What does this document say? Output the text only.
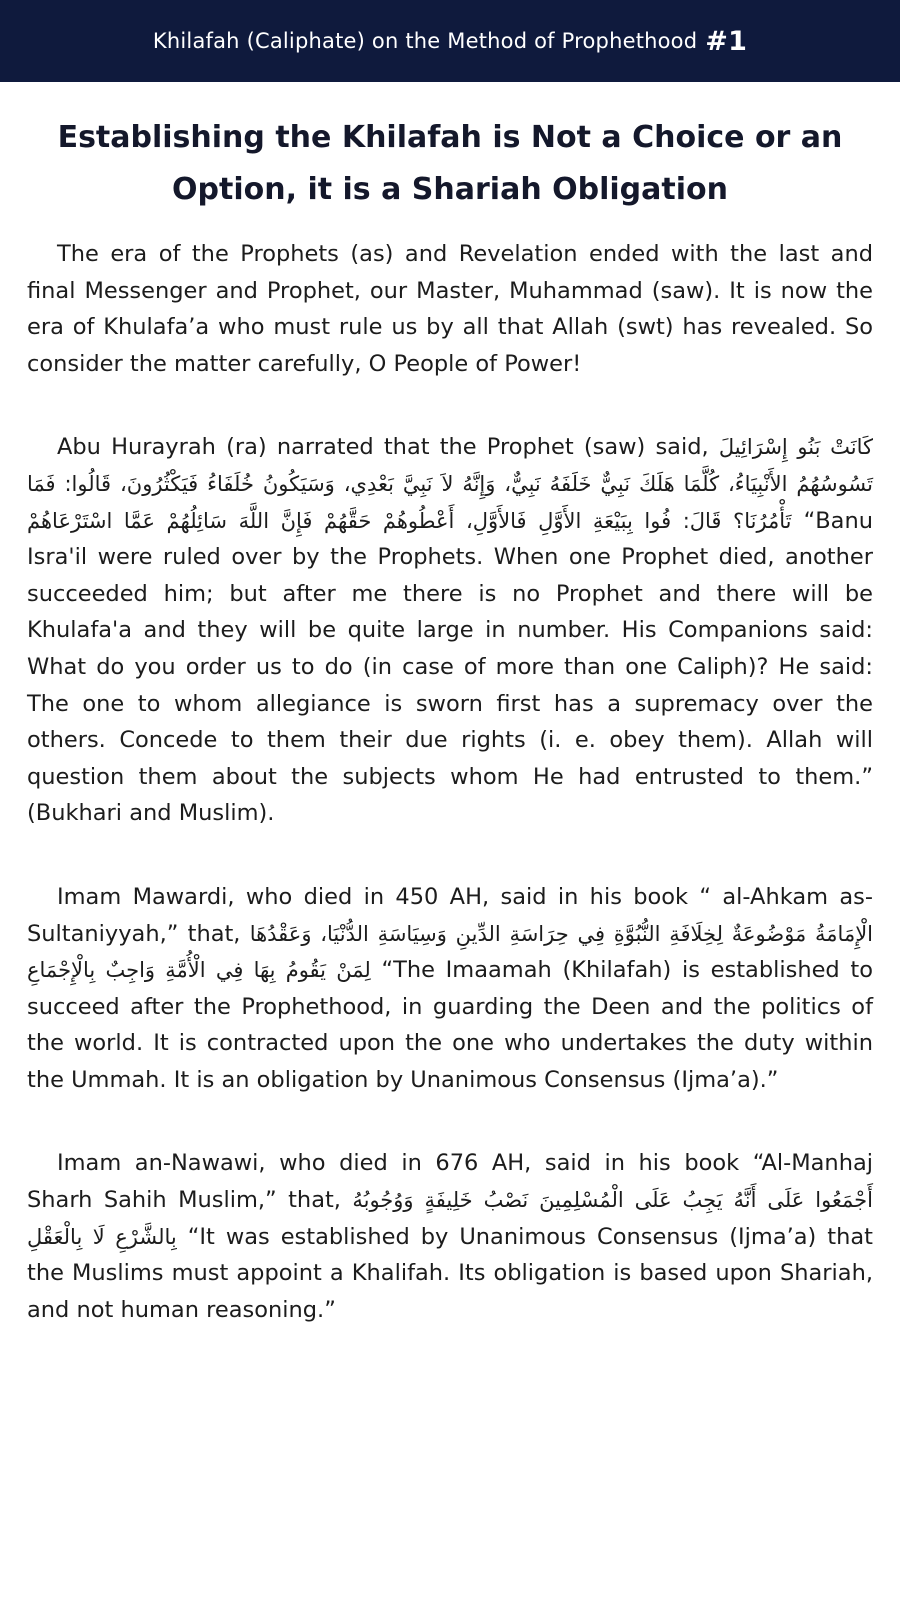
Khilafah (Caliphate) on the Method of Prophethood #1
Establishing the Khilafah is Not a Choice or an Option, it is a Shariah Obligation

The era of the Prophets (as) and Revelation ended with the last and final Messenger and Prophet, our Master, Muhammad (saw). It is now the era of Khulafa’a who must rule us by all that Allah (swt) has revealed. So consider the matter carefully, O People of Power!

Abu Hurayrah (ra) narrated that the Prophet (saw) said, كَانَتْ بَنُو إِسْرَائِيلَ تَسُوسُهُمُ الأَنْبِيَاءُ، كُلَّمَا هَلَكَ نَبِيٌّ خَلَفَهُ نَبِيٌّ، وَإِنَّهُ لاَ نَبِيَّ بَعْدِي، وَسَيَكُونُ خُلَفَاءُ فَيَكْثُرُونَ، قَالُوا: فَمَا تَأْمُرُنَا؟ قَالَ: فُوا بِبَيْعَةِ الأَوَّلِ فَالأَوَّلِ، أَعْطُوهُمْ حَقَّهُمْ فَإِنَّ اللَّهَ سَائِلُهُمْ عَمَّا اسْتَرْعَاهُمْ “Banu Isra'il were ruled over by the Prophets. When one Prophet died, another succeeded him; but after me there is no Prophet and there will be Khulafa'a and they will be quite large in number. His Companions said: What do you order us to do (in case of more than one Caliph)? He said: The one to whom allegiance is sworn first has a supremacy over the others. Concede to them their due rights (i. e. obey them). Allah will question them about the subjects whom He had entrusted to them.” (Bukhari and Muslim).

Imam Mawardi, who died in 450 AH, said in his book “ al-Ahkam as-Sultaniyyah,” that, الْإِمَامَةُ مَوْضُوعَةٌ لِخِلَافَةِ النُّبُوَّةِ فِي حِرَاسَةِ الدِّينِ وَسِيَاسَةِ الدُّنْيَا، وَعَقْدُهَا لِمَنْ يَقُومُ بِهَا فِي الْأُمَّةِ وَاجِبٌ بِالْإِجْمَاعِ “The Imaamah (Khilafah) is established to succeed after the Prophethood, in guarding the Deen and the politics of the world. It is contracted upon the one who undertakes the duty within the Ummah. It is an obligation by Unanimous Consensus (Ijma’a).”

Imam an-Nawawi, who died in 676 AH, said in his book “Al-Manhaj Sharh Sahih Muslim,” that, أَجْمَعُوا عَلَى أَنَّهُ يَجِبُ عَلَى الْمُسْلِمِينَ نَصْبُ خَلِيفَةٍ وَوُجُوبُهُ بِالشَّرْعِ لَا بِالْعَقْلِ “It was established by Unanimous Consensus (Ijma’a) that the Muslims must appoint a Khalifah. Its obligation is based upon Shariah, and not human reasoning.”
